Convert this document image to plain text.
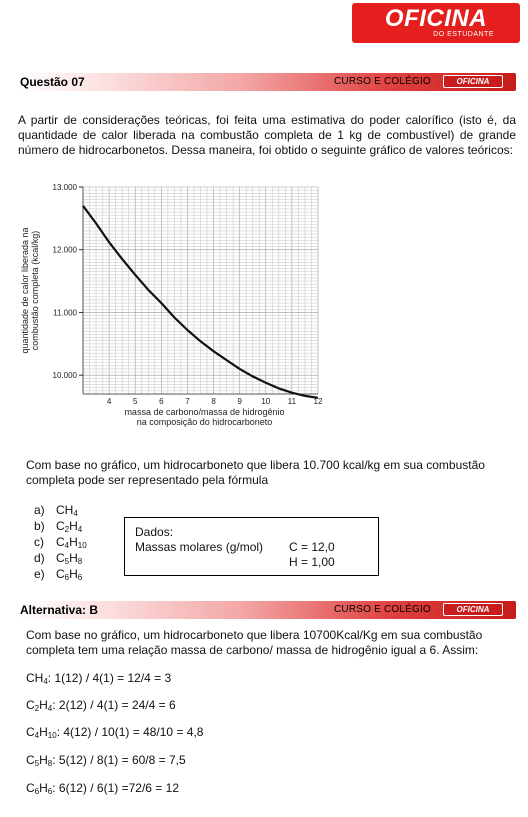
OFICINA
DO ESTUDANTE
Questão 07	CURSO E COLÉGIO	OFICINA

A partir de considerações teóricas, foi feita uma estimativa do poder calorífico (isto é, da quantidade de calor liberada na combustão completa de 1 kg de combustível) de grande número de hidrocarbonetos. Dessa maneira, foi obtido o seguinte gráfico de valores teóricos:

10.000
11.000
12.000
13.000
4	5	6	7	8	9 10 11 12
massa de carbono/massa de hidrogênio
na composição do hidrocarboneto
quantidade de calor liberada na combustão completa (kcal/kg)

Com base no gráfico, um hidrocarboneto que libera 10.700 kcal/kg em sua combustão completa pode ser representado pela fórmula

a) $CH_4$
b) $C_2H_4$
c) $C_4H_{10}$
d) $C_5H_8$
e) $C_6H_6$
Dados:
Massas molares (g/mol) C = 12,0
H = 1,00
Alternativa: B	CURSO E COLÉGIO	OFICINA

Com base no gráfico, um hidrocarboneto que libera 10700Kcal/Kg em sua combustão completa tem uma relação massa de carbono/ massa de hidrogênio igual a 6. Assim:

$CH_4$: 1(12) / 4(1) = 12/4 = 3
$C_2H_4$: 2(12) / 4(1) = 24/4 = 6
$C_4H_{10}$: 4(12) / 10(1) = 48/10 = 4,8
$C_5H_8$: 5(12) / 8(1) = 60/8 = 7,5
$C_6H_6$: 6(12) / 6(1) =72/6 = 12
